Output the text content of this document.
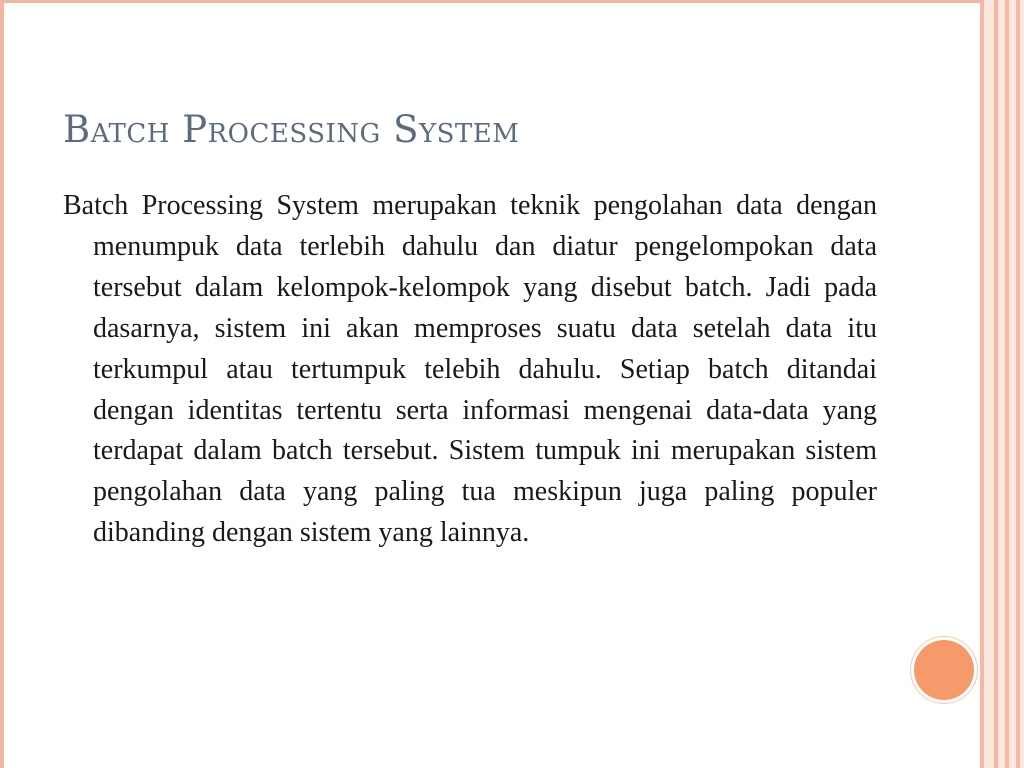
Batch Processing System

Batch Processing System merupakan teknik pengolahan data dengan menumpuk data terlebih dahulu dan diatur pengelompokan data tersebut dalam kelompok-kelompok yang disebut batch. Jadi pada dasarnya, sistem ini akan memproses suatu data setelah data itu terkumpul atau tertumpuk telebih dahulu. Setiap batch ditandai dengan identitas tertentu serta informasi mengenai data-data yang terdapat dalam batch tersebut. Sistem tumpuk ini merupakan sistem pengolahan data yang paling tua meskipun juga paling populer dibanding dengan sistem yang lainnya.
